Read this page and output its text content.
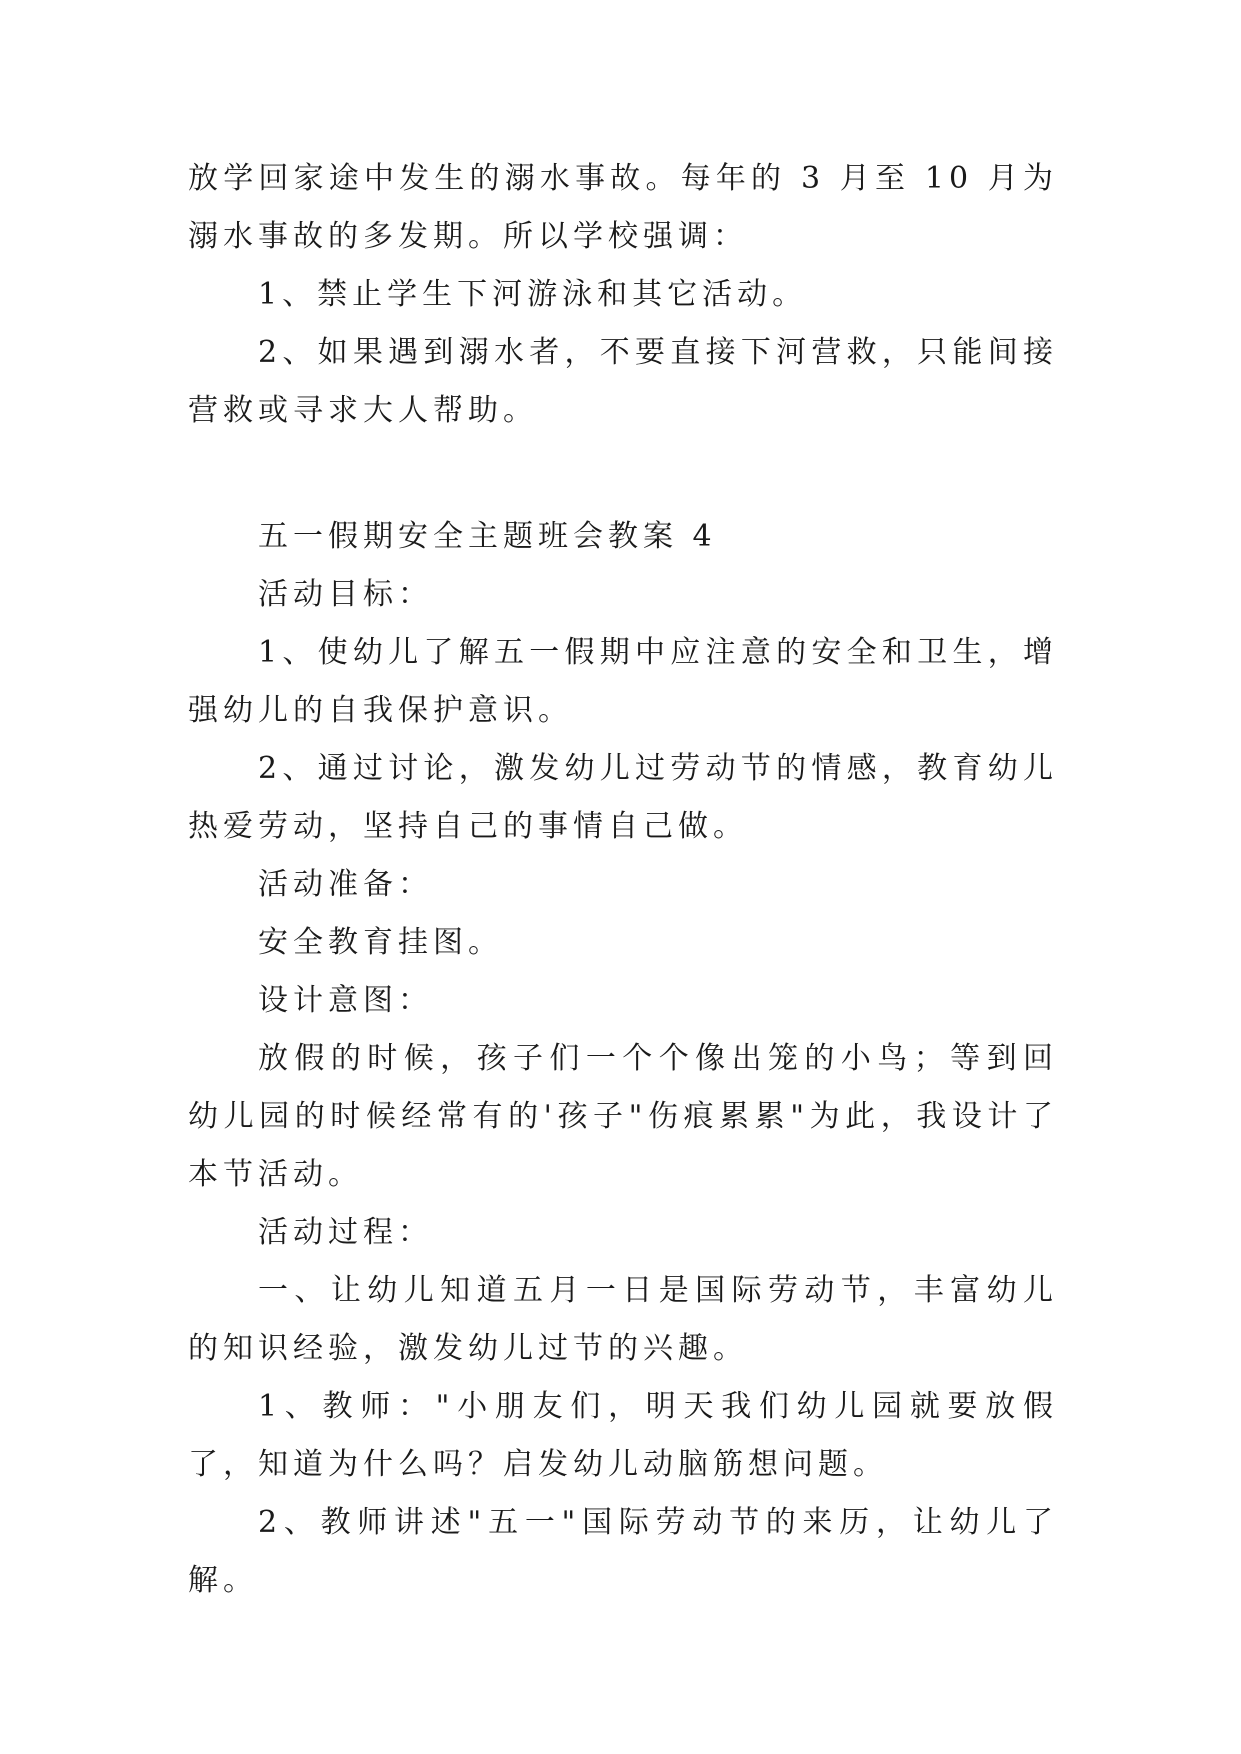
放学回家途中发生的溺水事故。每年的 3 月至 10 月为溺水事故的多发期。所以学校强调：

1、禁止学生下河游泳和其它活动。

2、如果遇到溺水者，不要直接下河营救，只能间接营救或寻求大人帮助。

五一假期安全主题班会教案 4

活动目标：

1、使幼儿了解五一假期中应注意的安全和卫生，增强幼儿的自我保护意识。

2、通过讨论，激发幼儿过劳动节的情感，教育幼儿热爱劳动，坚持自己的事情自己做。

活动准备：

安全教育挂图。

设计意图：

放假的时候，孩子们一个个像出笼的小鸟；等到回幼儿园的时候经常有的'孩子"伤痕累累"为此，我设计了本节活动。

活动过程：

一、让幼儿知道五月一日是国际劳动节，丰富幼儿的知识经验，激发幼儿过节的兴趣。

1、教师："小朋友们，明天我们幼儿园就要放假了，知道为什么吗？启发幼儿动脑筋想问题。

2、教师讲述"五一"国际劳动节的来历，让幼儿了解。
